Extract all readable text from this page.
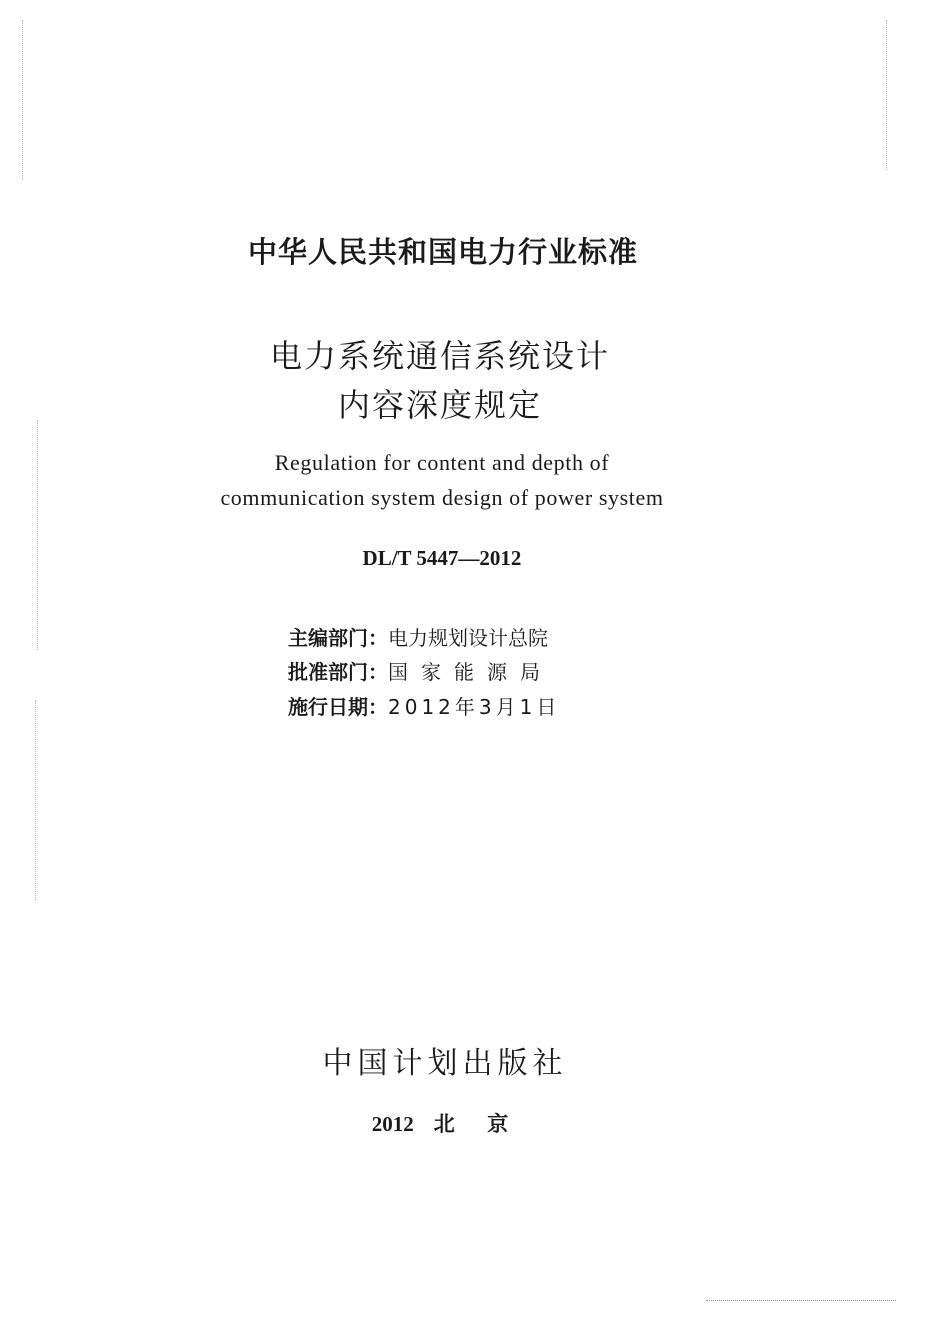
中华人民共和国电力行业标准
电力系统通信系统设计
内容深度规定
Regulation for content and depth of
communication system design of power system
DL/T 5447—2012
主编部门：电力规划设计总院
批准部门：国家能源局
施行日期：2012年3月1日
中国计划出版社
2012 北  京
